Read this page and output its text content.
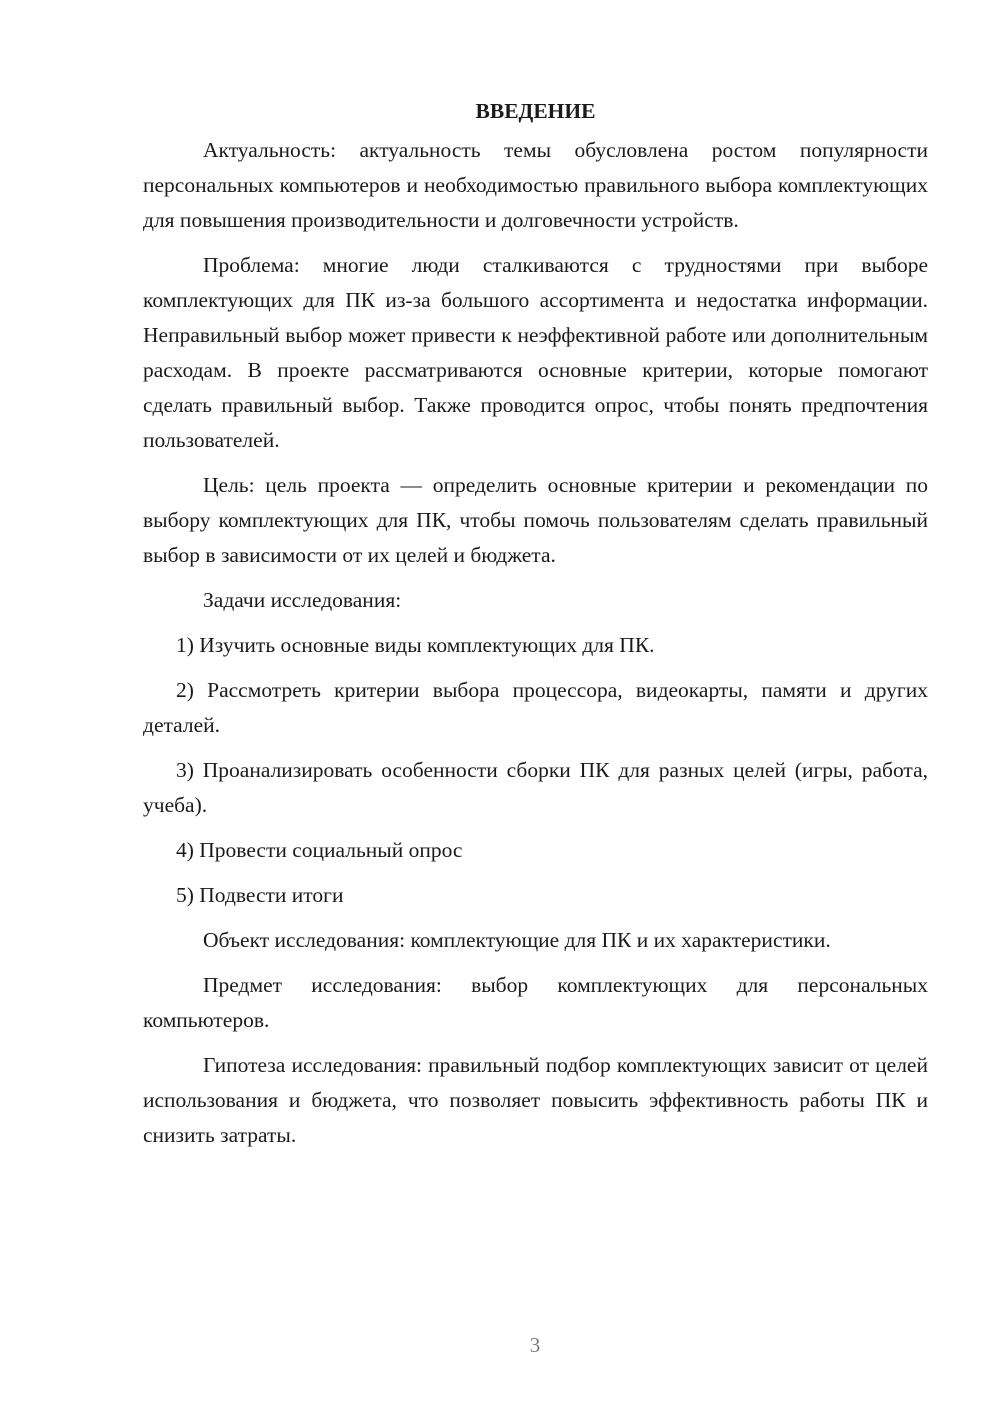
ВВЕДЕНИЕ

Актуальность: актуальность темы обусловлена ростом популярности персональных компьютеров и необходимостью правильного выбора комплектующих для повышения производительности и долговечности устройств.

Проблема: многие люди сталкиваются с трудностями при выборе комплектующих для ПК из-за большого ассортимента и недостатка информации. Неправильный выбор может привести к неэффективной работе или дополнительным расходам. В проекте рассматриваются основные критерии, которые помогают сделать правильный выбор. Также проводится опрос, чтобы понять предпочтения пользователей.

Цель: цель проекта — определить основные критерии и рекомендации по выбору комплектующих для ПК, чтобы помочь пользователям сделать правильный выбор в зависимости от их целей и бюджета.

Задачи исследования:

1) Изучить основные виды комплектующих для ПК.

2) Рассмотреть критерии выбора процессора, видеокарты, памяти и других деталей.

3) Проанализировать особенности сборки ПК для разных целей (игры, работа, учеба).

4) Провести социальный опрос

5) Подвести итоги

Объект исследования: комплектующие для ПК и их характеристики.

Предмет исследования: выбор комплектующих для персональных компьютеров.

Гипотеза исследования: правильный подбор комплектующих зависит от целей использования и бюджета, что позволяет повысить эффективность работы ПК и снизить затраты.

3
